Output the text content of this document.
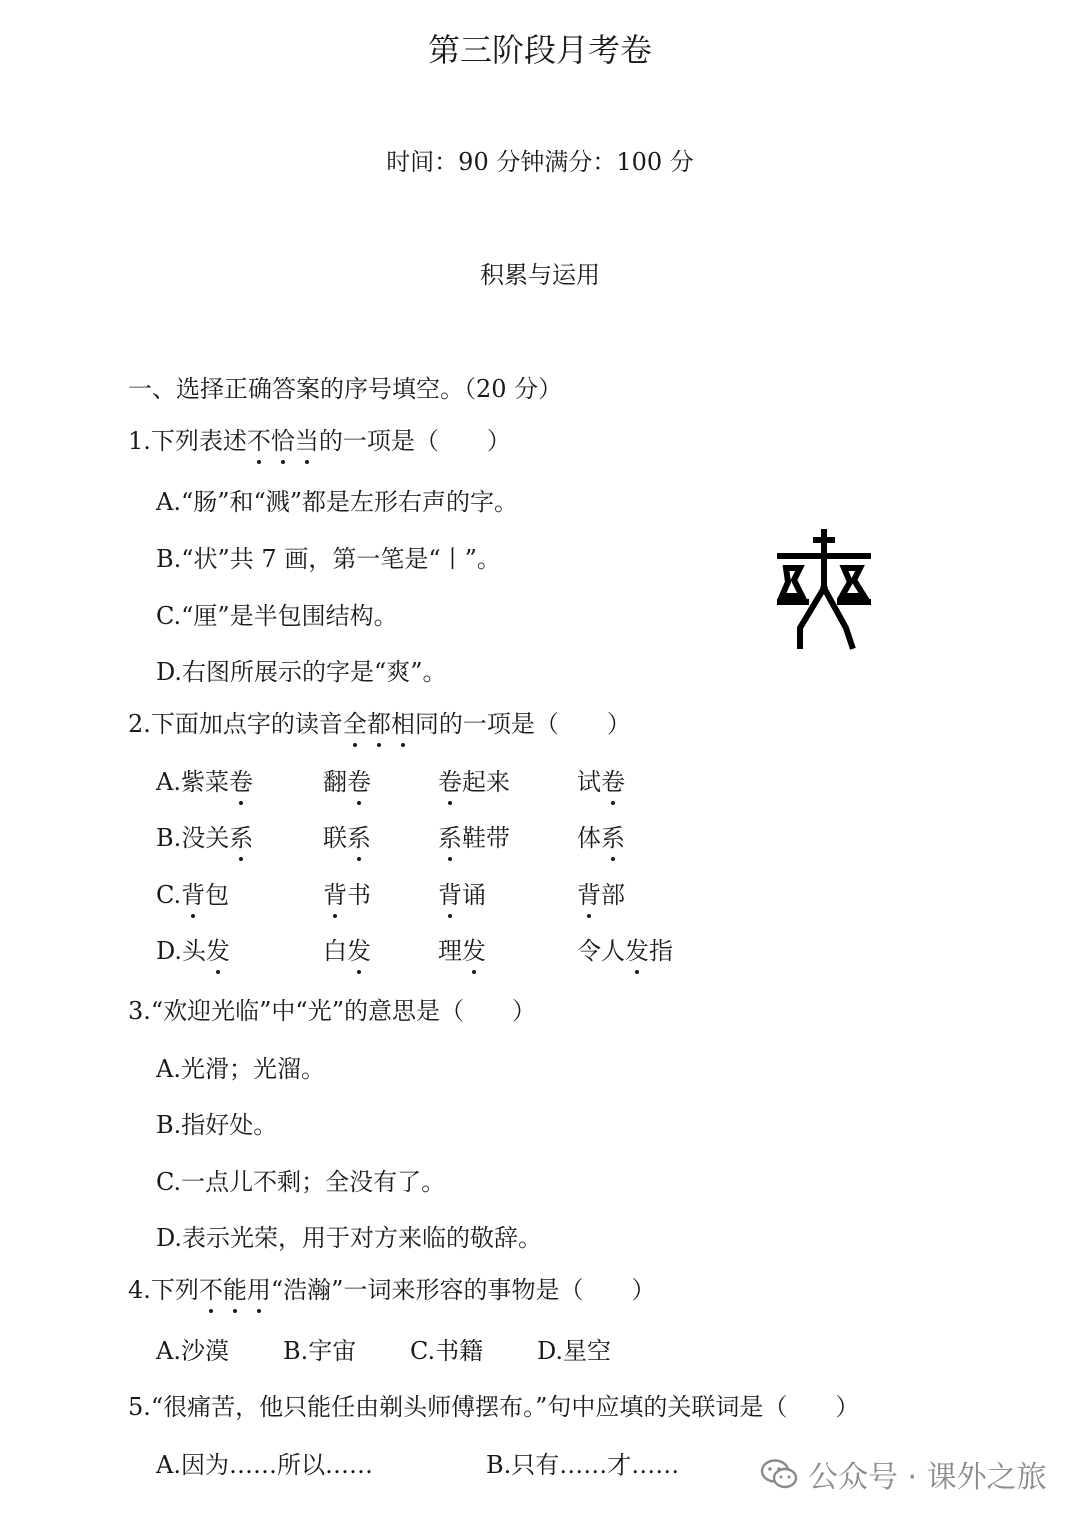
第三阶段月考卷
时间：90 分钟满分：100 分
积累与运用
一、选择正确答案的序号填空。（20 分）
1.下列表述不恰当的一项是（　　）
A.“肠”和“溅”都是左形右声的字。
B.“状”共 7 画，第一笔是“丨”。
C.“厘”是半包围结构。
D.右图所展示的字是“爽”。
2.下面加点字的读音全都相同的一项是（　　）
A.紫菜卷	翻卷	卷起来	试卷
B.没关系	联系	系鞋带	体系
C.背包	背书	背诵	背部
D.头发	白发	理发	令人发指
3.“欢迎光临”中“光”的意思是（　　）
A.光滑；光溜。
B.指好处。
C.一点儿不剩；全没有了。
D.表示光荣，用于对方来临的敬辞。
4.下列不能用“浩瀚”一词来形容的事物是（　　）
A.沙漠 B.宇宙 C.书籍 D.星空
5.“很痛苦，他只能任由剃头师傅摆布。”句中应填的关联词是（　　）
A.因为……所以……	B.只有……才……	公众号 · 课外之旅
